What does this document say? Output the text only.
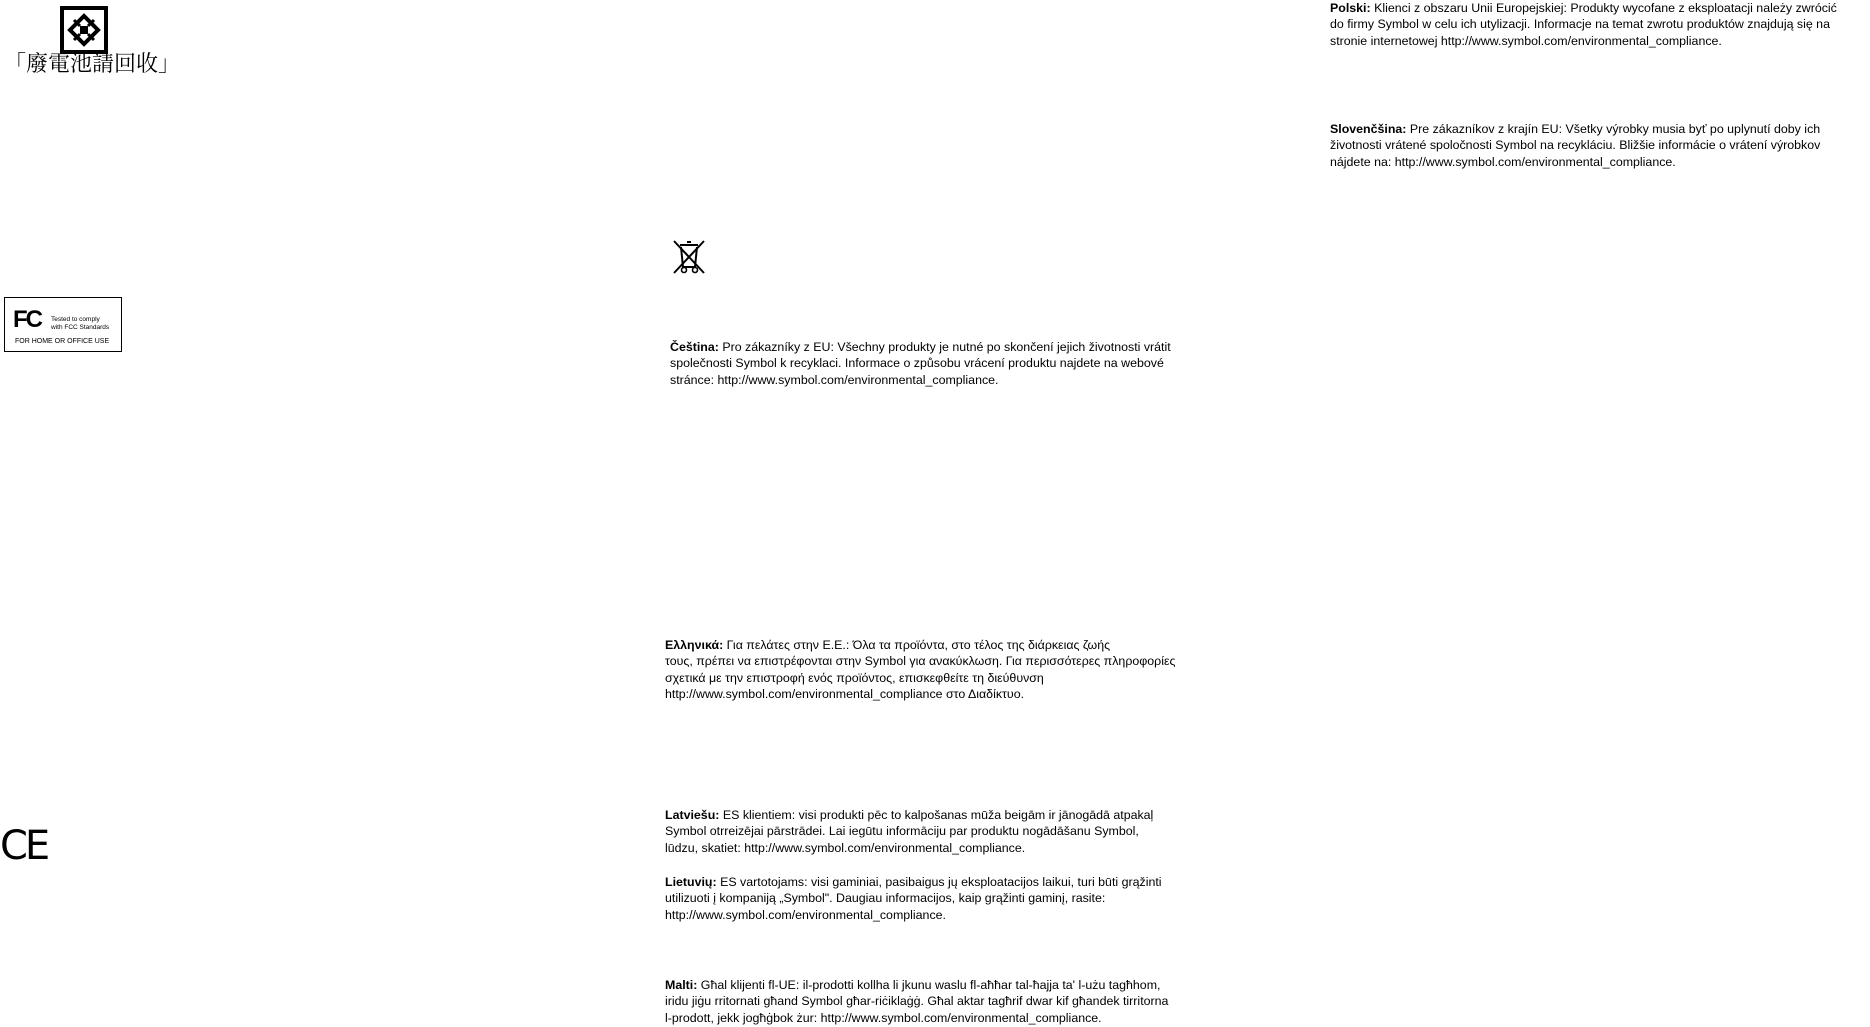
「廢電池請回收」
FC Tested to comply
with FCC Standards
FOR HOME OR OFFICE USE
CE
Polski: Klienci z obszaru Unii Europejskiej: Produkty wycofane z eksploatacji należy zwrócić
do firmy Symbol w celu ich utylizacji. Informacje na temat zwrotu produktów znajdują się na
stronie internetowej http://www.symbol.com/environmental_compliance.
Slovenčšina: Pre zákazníkov z krajín EU: Všetky výrobky musia byť po uplynutí doby ich
životnosti vrátené spoločnosti Symbol na recykláciu. Bližšie informácie o vrátení výrobkov
nájdete na: http://www.symbol.com/environmental_compliance.
Čeština: Pro zákazníky z EU: Všechny produkty je nutné po skončení jejich životnosti vrátit
společnosti Symbol k recyklaci. Informace o způsobu vrácení produktu najdete na webové
stránce: http://www.symbol.com/environmental_compliance.
Ελληνικά: Για πελάτες στην Ε.Ε.: Όλα τα προϊόντα, στο τέλος της διάρκειας ζωής
τους, πρέπει να επιστρέφονται στην Symbol για ανακύκλωση. Για περισσότερες πληροφορίες
σχετικά με την επιστροφή ενός προϊόντος, επισκεφθείτε τη διεύθυνση
http://www.symbol.com/environmental_compliance στο Διαδίκτυο.
Latviešu: ES klientiem: visi produkti pēc to kalpošanas mūža beigām ir jānogādā atpakaļ
Symbol otrreizējai pārstrādei. Lai iegūtu informāciju par produktu nogādāšanu Symbol,
lūdzu, skatiet: http://www.symbol.com/environmental_compliance.
Lietuvių: ES vartotojams: visi gaminiai, pasibaigus jų eksploatacijos laikui, turi būti grąžinti
utilizuoti į kompaniją „Symbol". Daugiau informacijos, kaip grąžinti gaminį, rasite:
http://www.symbol.com/environmental_compliance.
Malti: Għal klijenti fl-UE: il-prodotti kollha li jkunu waslu fl-aħħar tal-ħajja ta' l-użu tagħhom,
iridu jiġu rritornati għand Symbol għar-riċiklaġġ. Għal aktar tagħrif dwar kif għandek tirritorna
l-prodott, jekk jogħġbok żur: http://www.symbol.com/environmental_compliance.
